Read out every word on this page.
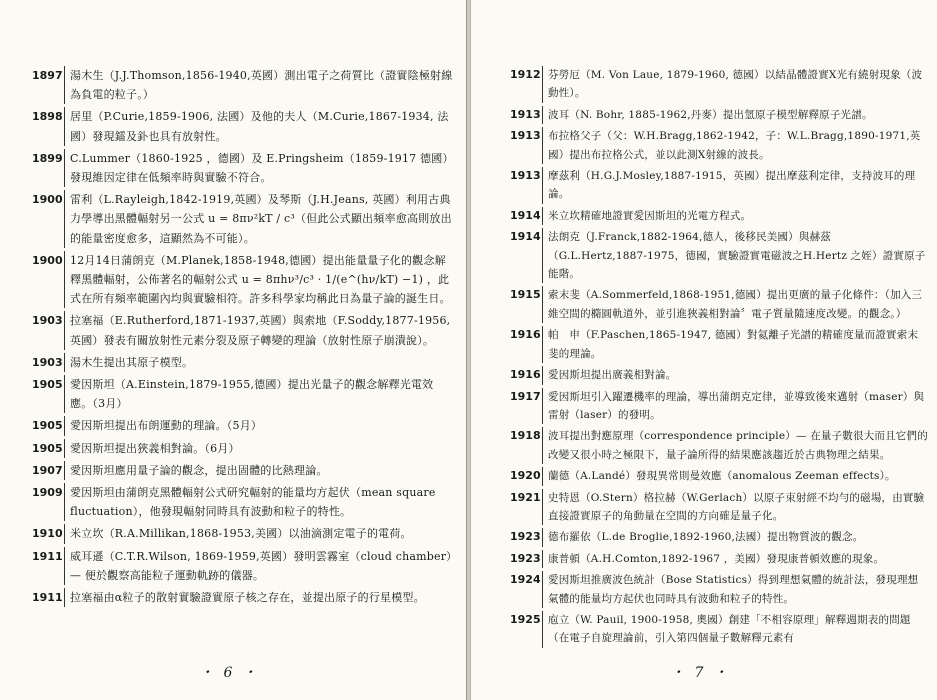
1897 湯木生（J.J.Thomson,1856-1940,英國）測出電子之荷質比（證實陰極射線為負電的粒子。）
1898 居里（P.Curie,1859-1906, 法國）及他的夫人（M.Curie,1867-1934, 法國）發現鐳及釙也具有放射性。
1899 C.Lummer（1860-1925 ，德國）及 E.Pringsheim（1859-1917 德國）發現維因定律在低頻率時與實驗不符合。
1900 雷利（L.Rayleigh,1842-1919,英國）及琴斯（J.H.Jeans, 英國）利用古典力學導出黑體輻射另一公式 u = 8πν²kT / c³（但此公式顯出頻率愈高則放出的能量密度愈多，這顯然為不可能）。
1900 12月14日蒲朗克（M.Planek,1858-1948,德國）提出能量量子化的觀念解釋黑體輻射，公佈著名的輻射公式 u = 8πhν³/c³ · 1/(e^(hν/kT) −1) ，此式在所有頻率範圍內均與實驗相符。許多科學家均稱此日為量子論的誕生日。
1903 拉塞福（E.Rutherford,1871-1937,英國）與索地（F.Soddy,1877-1956,英國）發表有關放射性元素分裂及原子轉變的理論（放射性原子崩潰說）。
1903 湯木生提出其原子模型。
1905 愛因斯坦（A.Einstein,1879-1955,德國）提出光量子的觀念解釋光電效應。（3月）
1905 愛因斯坦提出布朗運動的理論。（5月）
1905 愛因斯坦提出狹義相對論。（6月）
1907 愛因斯坦應用量子論的觀念，提出固體的比熱理論。
1909 愛因斯坦由蒲朗克黑體輻射公式研究輻射的能量均方起伏（mean square fluctuation），他發現輻射同時具有波動和粒子的特性。
1910 米立坎（R.A.Millikan,1868-1953,美國）以油滴測定電子的電荷。
1911 威耳遜（C.T.R.Wilson, 1869-1959,英國）發明雲霧室（cloud chamber）— 便於觀察高能粒子運動軌跡的儀器。
1911 拉塞福由α粒子的散射實驗證實原子核之存在，並提出原子的行星模型。
・6・
1912 芬勞厄（M. Von Laue, 1879-1960, 德國）以結晶體證實X光有繞射現象（波動性）。
1913 波耳（N. Bohr, 1885-1962,丹麥）提出氫原子模型解釋原子光譜。
1913 布拉格父子（父：W.H.Bragg,1862-1942，子：W.L.Bragg,1890-1971,英國）提出布拉格公式，並以此測X射線的波長。
1913 摩茲利（H.G.J.Mosley,1887-1915，英國）提出摩茲利定律，支持波耳的理論。
1914 米立坎精確地證實愛因斯坦的光電方程式。
1914 法朗克（J.Franck,1882-1964,德人，後移民美國）與赫茲（G.L.Hertz,1887-1975，德國，實驗證實電磁波之H.Hertz 之姪）證實原子能階。
1915 索末斐（A.Sommerfeld,1868-1951,德國）提出更廣的量子化條件：（加入三維空間的橢圓軌道外，並引進狹義相對論〞電子質量隨速度改變。的觀念。）
1916 帕　申（F.Paschen,1865-1947, 德國）對氦離子光譜的精確度量而證實索末斐的理論。
1916 愛因斯坦提出廣義相對論。
1917 愛因斯坦引入躍遷機率的理論，導出蒲朗克定律，並導致後來邁射（maser）與雷射（laser）的發明。
1918 波耳提出對應原理（correspondence principle）— 在量子數很大而且它們的改變又很小時之極限下，量子論所得的結果應該趨近於古典物理之結果。
1920 蘭德（A.Landé）發現異常則曼效應（anomalous Zeeman effects）。
1921 史特恩（O.Stern）格拉赫（W.Gerlach）以原子束射經不均勻的磁場，由實驗直接證實原子的角動量在空間的方向確是量子化。
1923 德布羅依（L.de Broglie,1892-1960,法國）提出物質波的觀念。
1923 康普頓（A.H.Comton,1892-1967 ，美國）發現康普頓效應的現象。
1924 愛因斯坦推廣波色統計（Bose Statistics）得到理想氣體的統計法，發現理想氣體的能量均方起伏也同時具有波動和粒子的特性。
1925 庖立（W. Pauil, 1900-1958, 奧國）創建「不相容原理」解釋週期表的問題（在電子自旋理論前，引入第四個量子數解釋元素有
・7・
